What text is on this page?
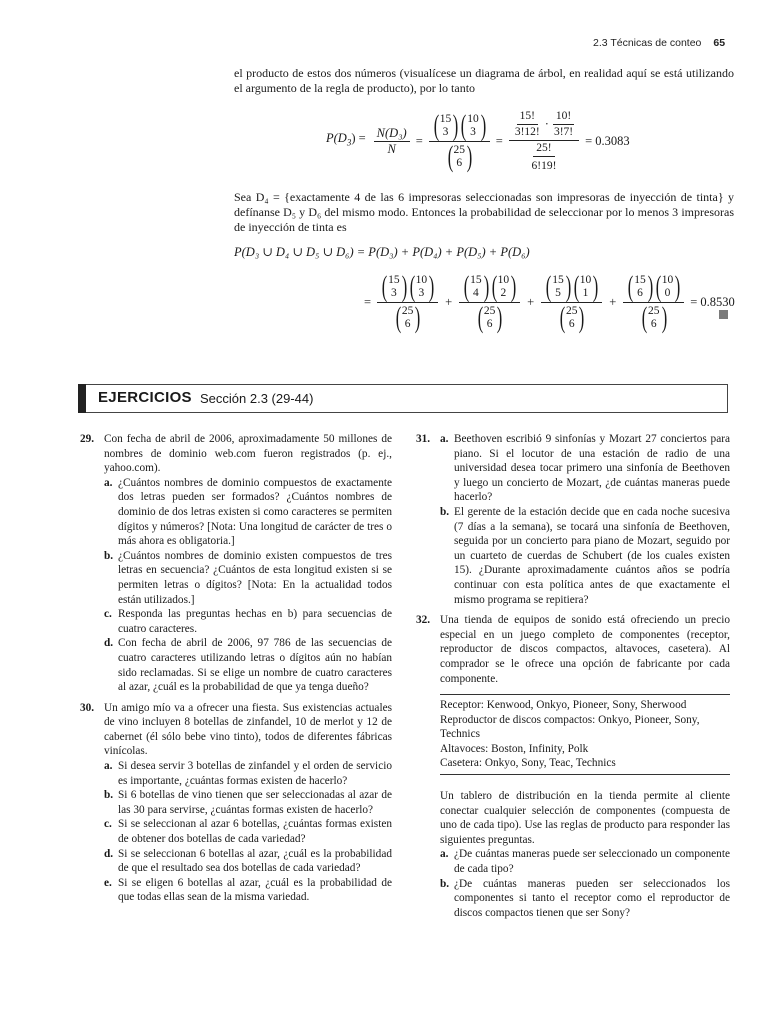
2.3 Técnicas de conteo 65
el producto de estos dos números (visualícese un diagrama de árbol, en realidad aquí se está utilizando el argumento de la regla de producto), por lo tanto
$P(D_3) = \frac{\text{N(D₃)}}{N}$ = ( 15
3 ) ( 10
3 )
( 25
6 ) = $\frac{\frac{15!}{3!12!} \cdot \frac{10!}{3!7!}}{\frac{25!}{6!19!}} = 0.3083$
Sea D₄ = {exactamente 4 de las 6 impresoras seleccionadas son impresoras de inyección de tinta} y defínanse D₅ y D₆ del mismo modo. Entonces la probabilidad de seleccionar por lo menos 3 impresoras de inyección de tinta es
P(D₃ ∪ D₄ ∪ D₅ ∪ D₆) = P(D₃) + P(D₄) + P(D₅) + P(D₆)
= ( 15
3 ) ( 10
3 )
( 25
6 ) + ( 15
4 ) ( 10
2 )
( 25
6 ) + ( 15
5 ) ( 10
1 )
( 25
6 ) + ( 15
6 ) ( 10
0 )
( 25
6 ) = 0.8530
EJERCICIOS Sección 2.3 (29-44)
29. Con fecha de abril de 2006, aproximadamente 50 millones de nombres de dominio web.com fueron registrados (p. ej., yahoo.com).
a. ¿Cuántos nombres de dominio compuestos de exactamente dos letras pueden ser formados? ¿Cuántos nombres de dominio de dos letras existen si como caracteres se permiten dígitos y números? [Nota: Una longitud de carácter de tres o más ahora es obligatoria.]
b. ¿Cuántos nombres de dominio existen compuestos de tres letras en secuencia? ¿Cuántos de esta longitud existen si se permiten letras o dígitos? [Nota: En la actualidad todos están utilizados.]
c. Responda las preguntas hechas en b) para secuencias de cuatro caracteres.
d. Con fecha de abril de 2006, 97 786 de las secuencias de cuatro caracteres utilizando letras o dígitos aún no habían sido reclamadas. Si se elige un nombre de cuatro caracteres al azar, ¿cuál es la probabilidad de que ya tenga dueño?
30. Un amigo mío va a ofrecer una fiesta. Sus existencias actuales de vino incluyen 8 botellas de zinfandel, 10 de merlot y 12 de cabernet (él sólo bebe vino tinto), todos de diferentes fábricas vinícolas.
a. Si desea servir 3 botellas de zinfandel y el orden de servicio es importante, ¿cuántas formas existen de hacerlo?
b. Si 6 botellas de vino tienen que ser seleccionadas al azar de las 30 para servirse, ¿cuántas formas existen de hacerlo?
c. Si se seleccionan al azar 6 botellas, ¿cuántas formas existen de obtener dos botellas de cada variedad?
d. Si se seleccionan 6 botellas al azar, ¿cuál es la probabilidad de que el resultado sea dos botellas de cada variedad?
e. Si se eligen 6 botellas al azar, ¿cuál es la probabilidad de que todas ellas sean de la misma variedad.
31. a. Beethoven escribió 9 sinfonías y Mozart 27 conciertos para piano. Si el locutor de una estación de radio de una universidad desea tocar primero una sinfonía de Beethoven y luego un concierto de Mozart, ¿de cuántas maneras puede hacerlo?
b. El gerente de la estación decide que en cada noche sucesiva (7 días a la semana), se tocará una sinfonía de Beethoven, seguida por un concierto para piano de Mozart, seguido por un cuarteto de cuerdas de Schubert (de los cuales existen 15). ¿Durante aproximadamente cuántos años se podría continuar con esta política antes de que exactamente el mismo programa se repitiera?
32. Una tienda de equipos de sonido está ofreciendo un precio especial en un juego completo de componentes (receptor, reproductor de discos compactos, altavoces, casetera). Al comprador se le ofrece una opción de fabricante por cada componente.
Receptor: Kenwood, Onkyo, Pioneer, Sony, Sherwood
Reproductor de discos compactos: Onkyo, Pioneer, Sony, Technics
Altavoces: Boston, Infinity, Polk
Casetera: Onkyo, Sony, Teac, Technics
Un tablero de distribución en la tienda permite al cliente conectar cualquier selección de componentes (compuesta de uno de cada tipo). Use las reglas de producto para responder las siguientes preguntas.
a. ¿De cuántas maneras puede ser seleccionado un componente de cada tipo?
b. ¿De cuántas maneras pueden ser seleccionados los componentes si tanto el receptor como el reproductor de discos compactos tienen que ser Sony?
